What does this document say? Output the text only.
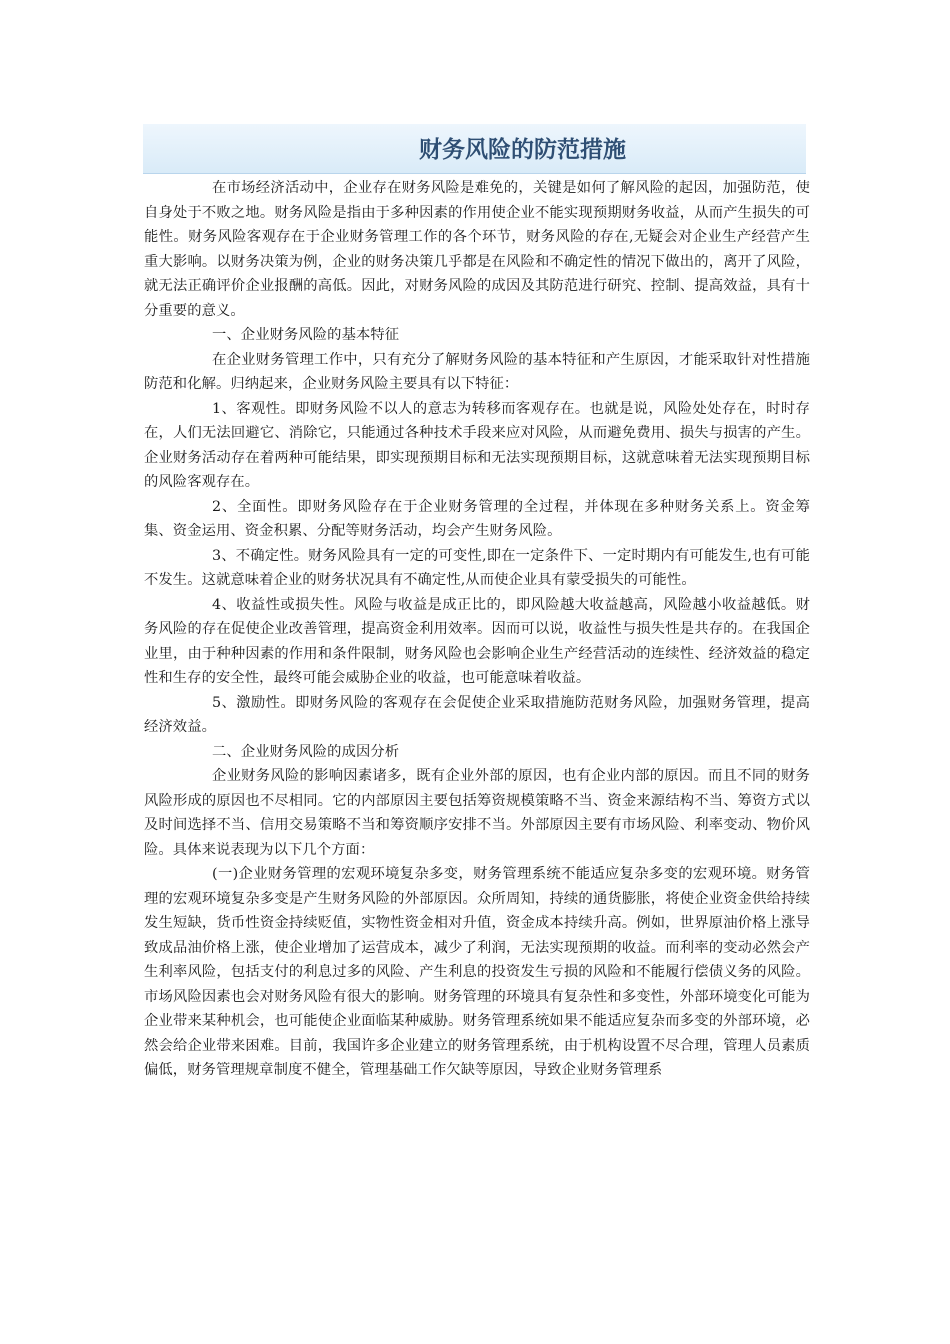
财务风险的防范措施

在市场经济活动中，企业存在财务风险是难免的，关键是如何了解风险的起因，加强防范，使自身处于不败之地。财务风险是指由于多种因素的作用使企业不能实现预期财务收益，从而产生损失的可能性。财务风险客观存在于企业财务管理工作的各个环节，财务风险的存在,无疑会对企业生产经营产生重大影响。以财务决策为例，企业的财务决策几乎都是在风险和不确定性的情况下做出的，离开了风险，就无法正确评价企业报酬的高低。因此，对财务风险的成因及其防范进行研究、控制、提高效益，具有十分重要的意义。

一、企业财务风险的基本特征

在企业财务管理工作中，只有充分了解财务风险的基本特征和产生原因，才能采取针对性措施防范和化解。归纳起来，企业财务风险主要具有以下特征：

1、客观性。即财务风险不以人的意志为转移而客观存在。也就是说，风险处处存在，时时存在，人们无法回避它、消除它，只能通过各种技术手段来应对风险，从而避免费用、损失与损害的产生。企业财务活动存在着两种可能结果，即实现预期目标和无法实现预期目标，这就意味着无法实现预期目标的风险客观存在。

2、全面性。即财务风险存在于企业财务管理的全过程，并体现在多种财务关系上。资金筹集、资金运用、资金积累、分配等财务活动，均会产生财务风险。

3、不确定性。财务风险具有一定的可变性,即在一定条件下、一定时期内有可能发生,也有可能不发生。这就意味着企业的财务状况具有不确定性,从而使企业具有蒙受损失的可能性。

4、收益性或损失性。风险与收益是成正比的，即风险越大收益越高，风险越小收益越低。财务风险的存在促使企业改善管理，提高资金利用效率。因而可以说，收益性与损失性是共存的。在我国企业里，由于种种因素的作用和条件限制，财务风险也会影响企业生产经营活动的连续性、经济效益的稳定性和生存的安全性，最终可能会威胁企业的收益，也可能意味着收益。

5、激励性。即财务风险的客观存在会促使企业采取措施防范财务风险，加强财务管理，提高经济效益。

二、企业财务风险的成因分析

企业财务风险的影响因素诸多，既有企业外部的原因，也有企业内部的原因。而且不同的财务风险形成的原因也不尽相同。它的内部原因主要包括筹资规模策略不当、资金来源结构不当、筹资方式以及时间选择不当、信用交易策略不当和筹资顺序安排不当。外部原因主要有市场风险、利率变动、物价风险。具体来说表现为以下几个方面：

(一)企业财务管理的宏观环境复杂多变，财务管理系统不能适应复杂多变的宏观环境。财务管理的宏观环境复杂多变是产生财务风险的外部原因。众所周知，持续的通货膨胀，将使企业资金供给持续发生短缺，货币性资金持续贬值，实物性资金相对升值，资金成本持续升高。例如，世界原油价格上涨导致成品油价格上涨，使企业增加了运营成本，减少了利润，无法实现预期的收益。而利率的变动必然会产生利率风险，包括支付的利息过多的风险、产生利息的投资发生亏损的风险和不能履行偿债义务的风险。市场风险因素也会对财务风险有很大的影响。财务管理的环境具有复杂性和多变性，外部环境变化可能为企业带来某种机会，也可能使企业面临某种威胁。财务管理系统如果不能适应复杂而多变的外部环境，必然会给企业带来困难。目前，我国许多企业建立的财务管理系统，由于机构设置不尽合理，管理人员素质偏低，财务管理规章制度不健全，管理基础工作欠缺等原因，导致企业财务管理系
